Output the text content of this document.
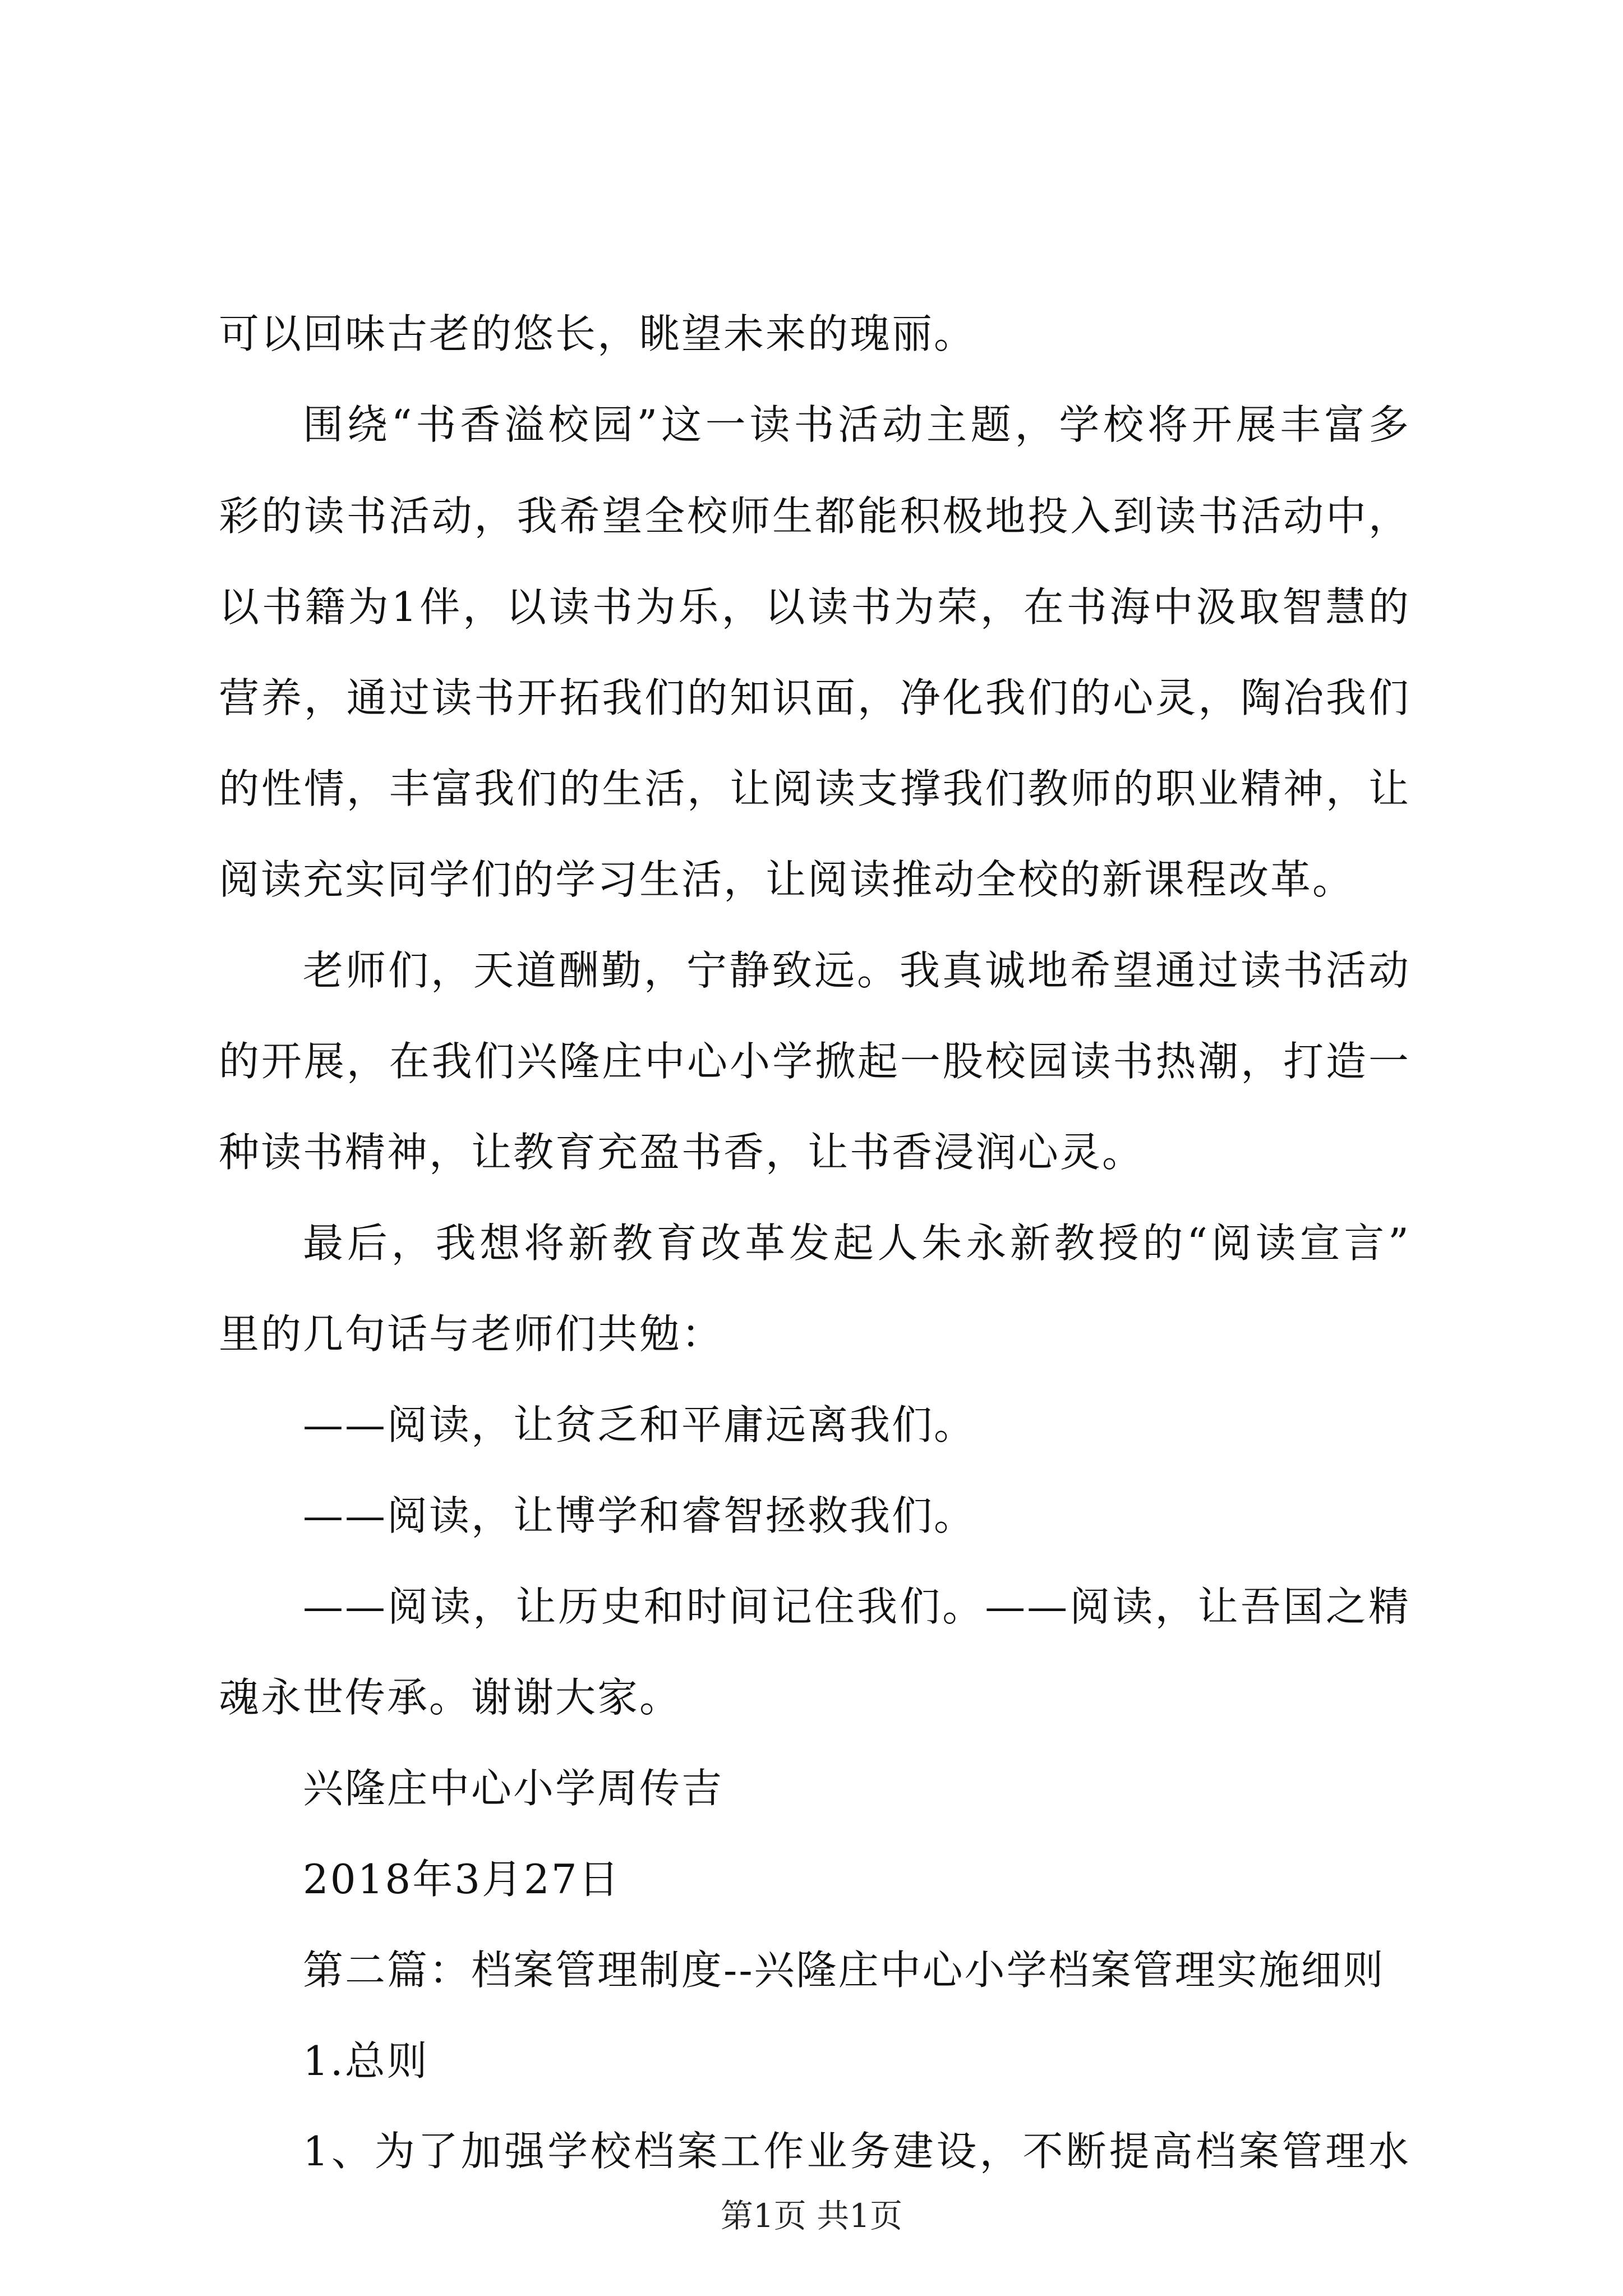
可以回味古老的悠长，眺望未来的瑰丽。
围绕“书香溢校园”这一读书活动主题，学校将开展丰富多
彩的读书活动，我希望全校师生都能积极地投入到读书活动中，
以书籍为1伴，以读书为乐，以读书为荣，在书海中汲取智慧的
营养，通过读书开拓我们的知识面，净化我们的心灵，陶冶我们
的性情，丰富我们的生活，让阅读支撑我们教师的职业精神，让
阅读充实同学们的学习生活，让阅读推动全校的新课程改革。
老师们，天道酬勤，宁静致远。我真诚地希望通过读书活动
的开展，在我们兴隆庄中心小学掀起一股校园读书热潮，打造一
种读书精神，让教育充盈书香，让书香浸润心灵。
最后，我想将新教育改革发起人朱永新教授的“阅读宣言”
里的几句话与老师们共勉：
——阅读，让贫乏和平庸远离我们。
——阅读，让博学和睿智拯救我们。
——阅读，让历史和时间记住我们。——阅读，让吾国之精
魂永世传承。谢谢大家。
兴隆庄中心小学周传吉
2018年3月27日
第二篇：档案管理制度--兴隆庄中心小学档案管理实施细则
1.总则
1、为了加强学校档案工作业务建设，不断提高档案管理水
第1页 共1页
